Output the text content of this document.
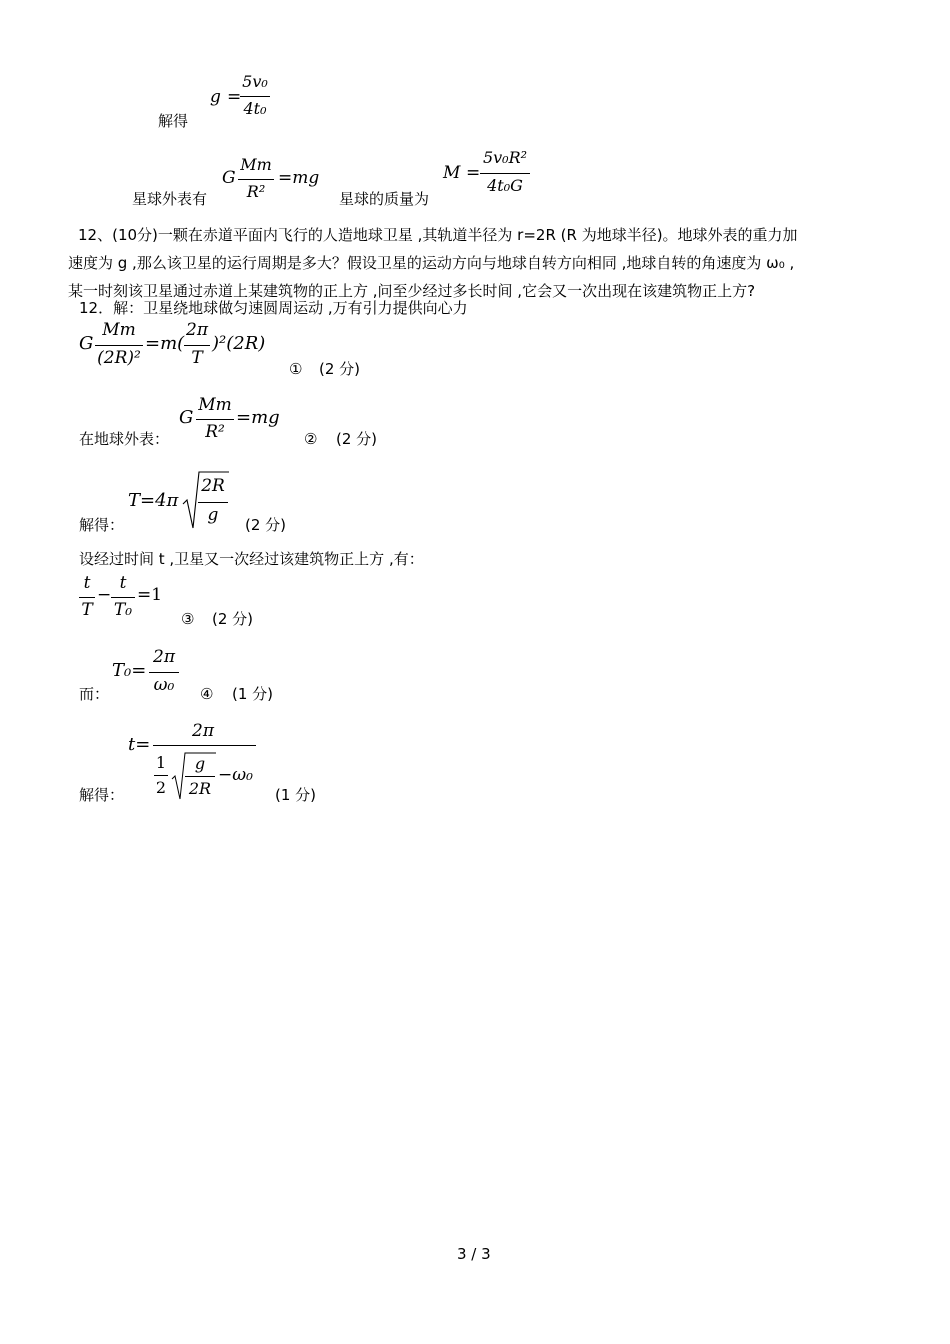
解得
g =
5v₀
4t₀
星球外表有
G
Mm
R²
=mg
星球的质量为
M =
5v₀R²
4t₀G
12、(10分)一颗在赤道平面内飞行的人造地球卫星 ,其轨道半径为 r=2R (R 为地球半径)。地球外表的重力加
速度为 g ,那么该卫星的运行周期是多大？假设卫星的运动方向与地球自转方向相同 ,地球自转的角速度为 ω₀ ,
某一时刻该卫星通过赤道上某建筑物的正上方 ,问至少经过多长时间 ,它会又一次出现在该建筑物正上方?
12．解：卫星绕地球做匀速圆周运动 ,万有引力提供向心力
G
Mm
(2R)²
=m(
2π
T
)²(2R)
① (2 分)
在地球外表：
G
Mm
R²
=mg
② (2 分)
解得：
T=4π
2R
g	(2 分)
设经过时间 t ,卫星又一次经过该建筑物正上方 ,有：
t
T
−
t
T₀
=1
③ (2 分)
而：
T₀=
2π
ω₀	④ (1 分)
解得：
t=
2π
1
2
g
2R
−ω₀
(1 分)
3 / 3
